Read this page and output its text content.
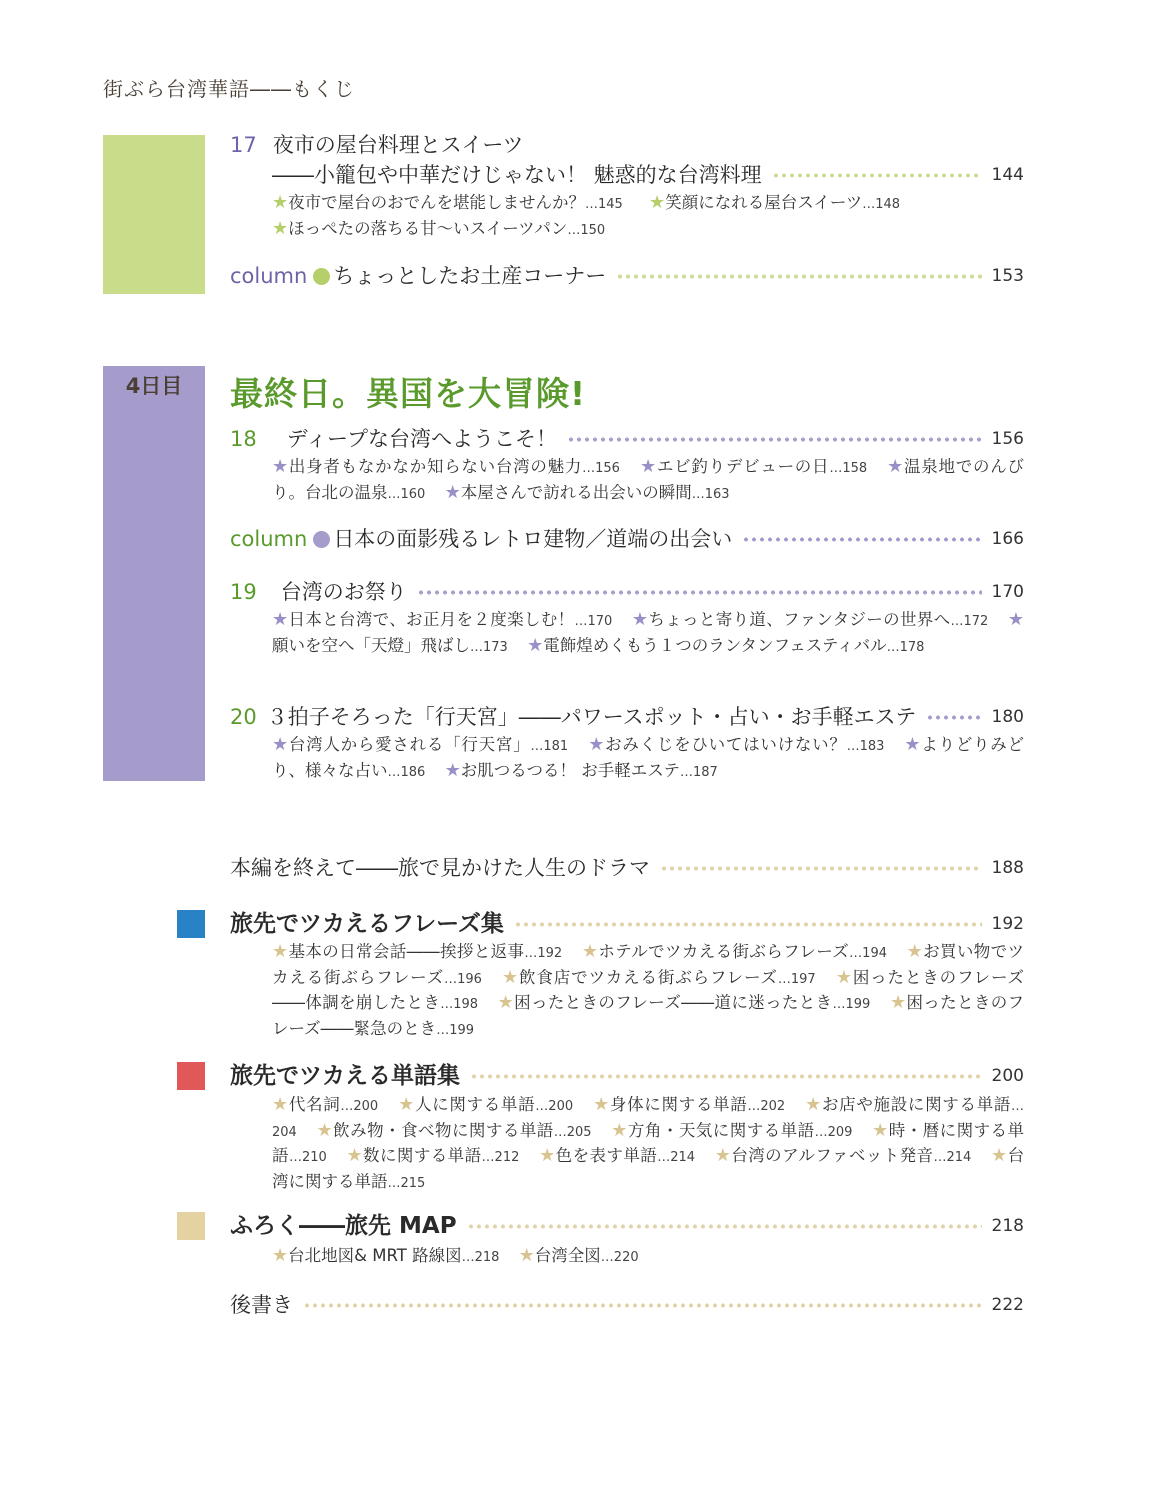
街ぶら台湾華語――もくじ
17 夜市の屋台料理とスイーツ
――小籠包や中華だけじゃない！ 魅惑的な台湾料理	144
★夜市で屋台のおでんを堪能しませんか？…145 ★笑顔になれる屋台スイーツ…148
★ほっぺたの落ちる甘～いスイーツパン…150
column ちょっとしたお土産コーナー	153
4日目	最終日。異国を大冒険!
18 ディープな台湾へようこそ！	156
★出身者もなかなか知らない台湾の魅力…156 ★エビ釣りデビューの日…158 ★温泉地でのんびり。台北の温泉…160 ★本屋さんで訪れる出会いの瞬間…163
column 日本の面影残るレトロ建物／道端の出会い	166
19 台湾のお祭り	170
★日本と台湾で、お正月を２度楽しむ！…170 ★ちょっと寄り道、ファンタジーの世界へ…172 ★願いを空へ「天燈」飛ばし…173 ★電飾煌めくもう１つのランタンフェスティバル…178
20 ３拍子そろった「行天宮」――パワースポット・占い・お手軽エステ	180
★台湾人から愛される「行天宮」…181 ★おみくじをひいてはいけない？…183 ★よりどりみどり、様々な占い…186 ★お肌つるつる！ お手軽エステ…187
本編を終えて――旅で見かけた人生のドラマ	188
旅先でツカえるフレーズ集	192
★基本の日常会話――挨拶と返事…192 ★ホテルでツカえる街ぶらフレーズ…194 ★お買い物でツカえる街ぶらフレーズ…196 ★飲食店でツカえる街ぶらフレーズ…197 ★困ったときのフレーズ――体調を崩したとき…198 ★困ったときのフレーズ――道に迷ったとき…199 ★困ったときのフレーズ――緊急のとき…199
旅先でツカえる単語集	200
★代名詞…200 ★人に関する単語…200 ★身体に関する単語…202 ★お店や施設に関する単語…204 ★飲み物・食べ物に関する単語…205 ★方角・天気に関する単語…209 ★時・暦に関する単語…210 ★数に関する単語…212 ★色を表す単語…214 ★台湾のアルファベット発音…214 ★台湾に関する単語…215
ふろく――旅先 MAP	218
★台北地図& MRT 路線図…218 ★台湾全図…220
後書き	222
